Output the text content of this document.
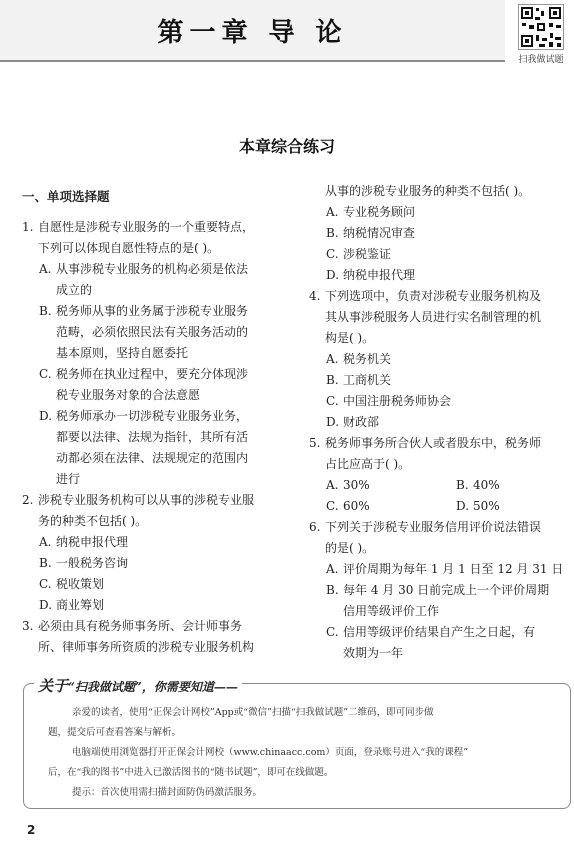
第一章 导 论
扫我做试题
本章综合练习
一、单项选择题
1. 自愿性是涉税专业服务的一个重要特点，
下列可以体现自愿性特点的是( )。
A. 从事涉税专业服务的机构必须是依法
成立的
B. 税务师从事的业务属于涉税专业服务
范畴，必须依照民法有关服务活动的
基本原则，坚持自愿委托
C. 税务师在执业过程中，要充分体现涉
税专业服务对象的合法意愿
D. 税务师承办一切涉税专业服务业务，
都要以法律、法规为指针，其所有活
动都必须在法律、法规规定的范围内
进行
2. 涉税专业服务机构可以从事的涉税专业服
务的种类不包括( )。
A. 纳税申报代理
B. 一般税务咨询
C. 税收策划
D. 商业筹划
3. 必须由具有税务师事务所、会计师事务
所、律师事务所资质的涉税专业服务机构
从事的涉税专业服务的种类不包括( )。
A. 专业税务顾问
B. 纳税情况审查
C. 涉税鉴证
D. 纳税申报代理
4. 下列选项中，负责对涉税专业服务机构及
其从事涉税服务人员进行实名制管理的机
构是( )。
A. 税务机关
B. 工商机关
C. 中国注册税务师协会
D. 财政部
5. 税务师事务所合伙人或者股东中，税务师
占比应高于( )。
A. 30%	B. 40%
C. 60%	D. 50%
6. 下列关于涉税专业服务信用评价说法错误
的是( )。
A. 评价周期为每年 1 月 1 日至 12 月 31 日
B. 每年 4 月 30 日前完成上一个评价周期
信用等级评价工作
C. 信用等级评价结果自产生之日起，有
效期为一年
关于“扫我做试题”，你需要知道——
亲爱的读者，使用“正保会计网校”App或“微信”扫描“扫我做试题”二维码，即可同步做
题，提交后可查看答案与解析。
电脑端使用浏览器打开正保会计网校（www.chinaacc.com）页面，登录账号进入“我的课程”
后，在“我的图书”中进入已激活图书的“随书试题”，即可在线做题。
提示：首次使用需扫描封面防伪码激活服务。
2
